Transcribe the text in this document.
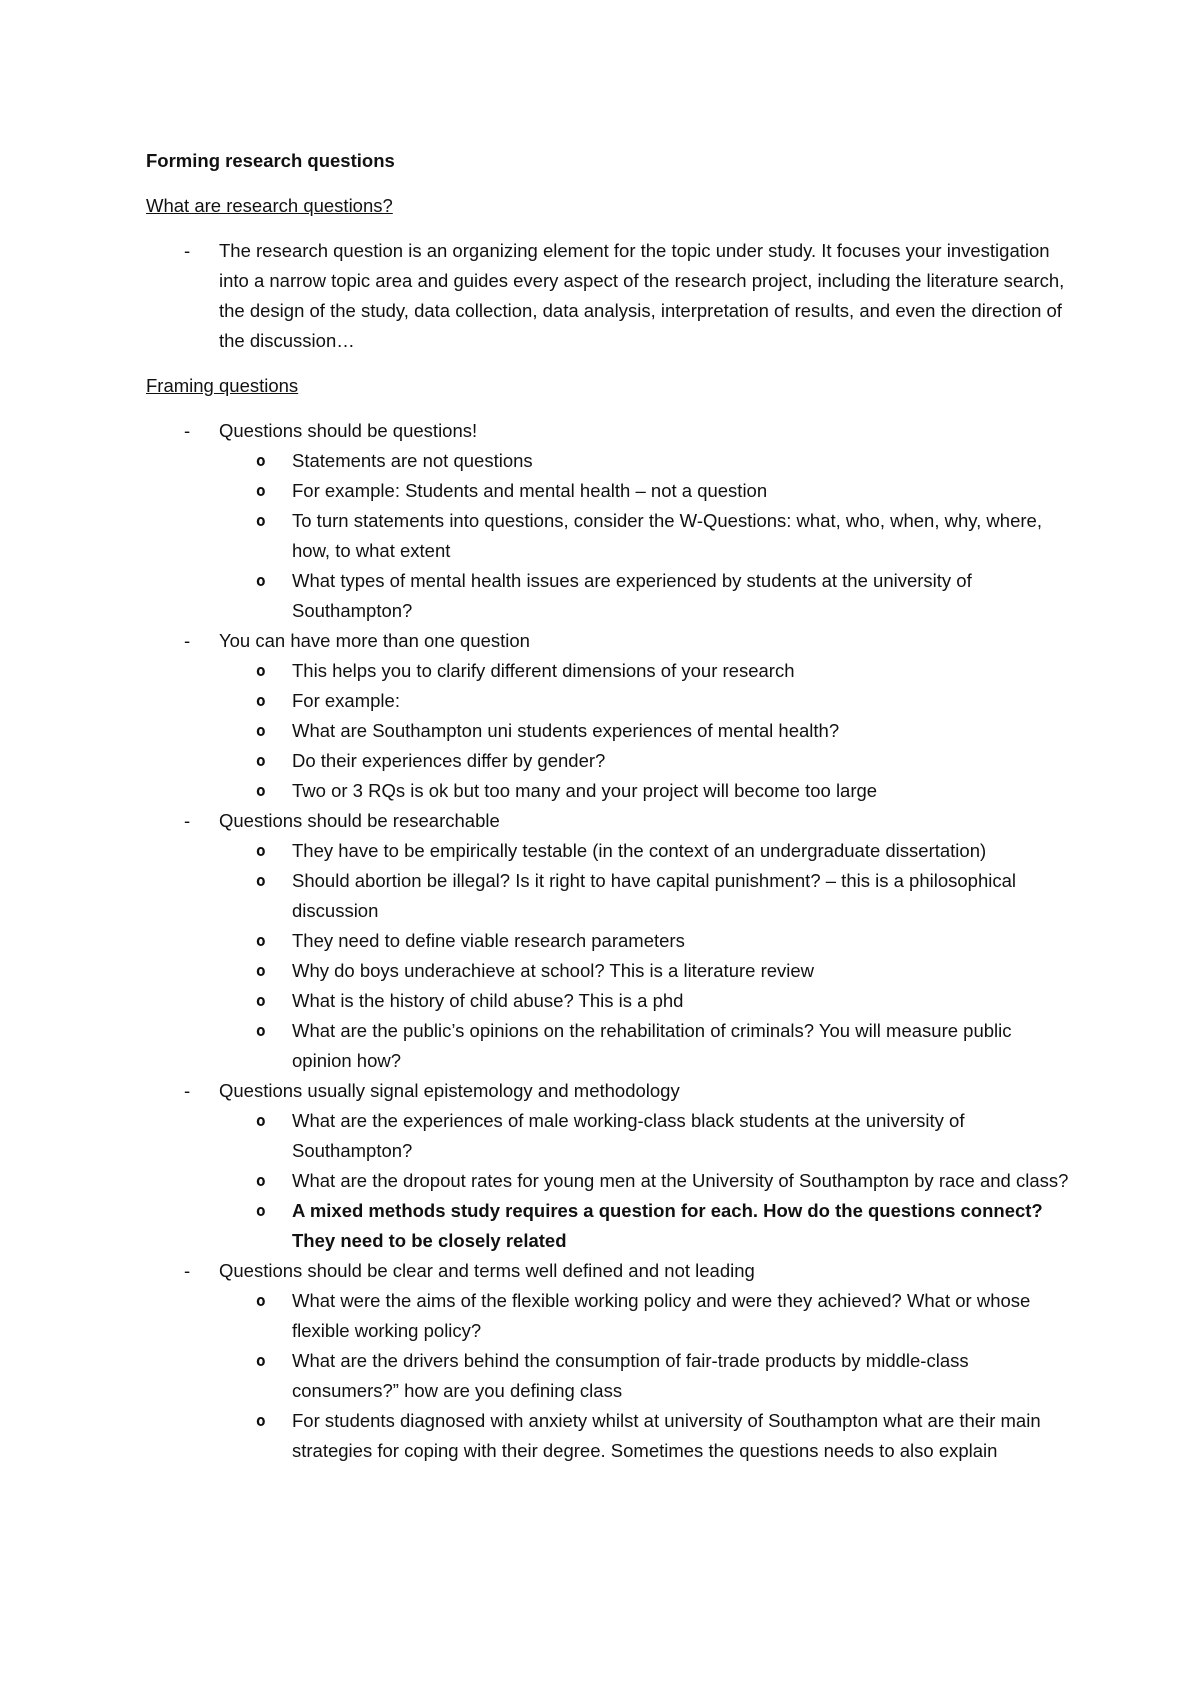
Forming research questions

What are research questions?

- The research question is an organizing element for the topic under study. It focuses your investigation into a narrow topic area and guides every aspect of the research project, including the literature search, the design of the study, data collection, data analysis, interpretation of results, and even the direction of the discussion…

Framing questions

- Questions should be questions!
o Statements are not questions
o For example: Students and mental health – not a question
o To turn statements into questions, consider the W-Questions: what, who, when, why, where, how, to what extent
o What types of mental health issues are experienced by students at the university of Southampton?
- You can have more than one question
o This helps you to clarify different dimensions of your research
o For example:
o What are Southampton uni students experiences of mental health?
o Do their experiences differ by gender?
o Two or 3 RQs is ok but too many and your project will become too large
- Questions should be researchable
o They have to be empirically testable (in the context of an undergraduate dissertation)
o Should abortion be illegal? Is it right to have capital punishment? – this is a philosophical discussion
o They need to define viable research parameters
o Why do boys underachieve at school? This is a literature review
o What is the history of child abuse? This is a phd
o What are the public’s opinions on the rehabilitation of criminals? You will measure public opinion how?
- Questions usually signal epistemology and methodology
o What are the experiences of male working-class black students at the university of Southampton?
o What are the dropout rates for young men at the University of Southampton by race and class?
o A mixed methods study requires a question for each. How do the questions connect? They need to be closely related
- Questions should be clear and terms well defined and not leading
o What were the aims of the flexible working policy and were they achieved? What or whose flexible working policy?
o What are the drivers behind the consumption of fair-trade products by middle-class consumers?” how are you defining class
o For students diagnosed with anxiety whilst at university of Southampton what are their main strategies for coping with their degree. Sometimes the questions needs to also explain
